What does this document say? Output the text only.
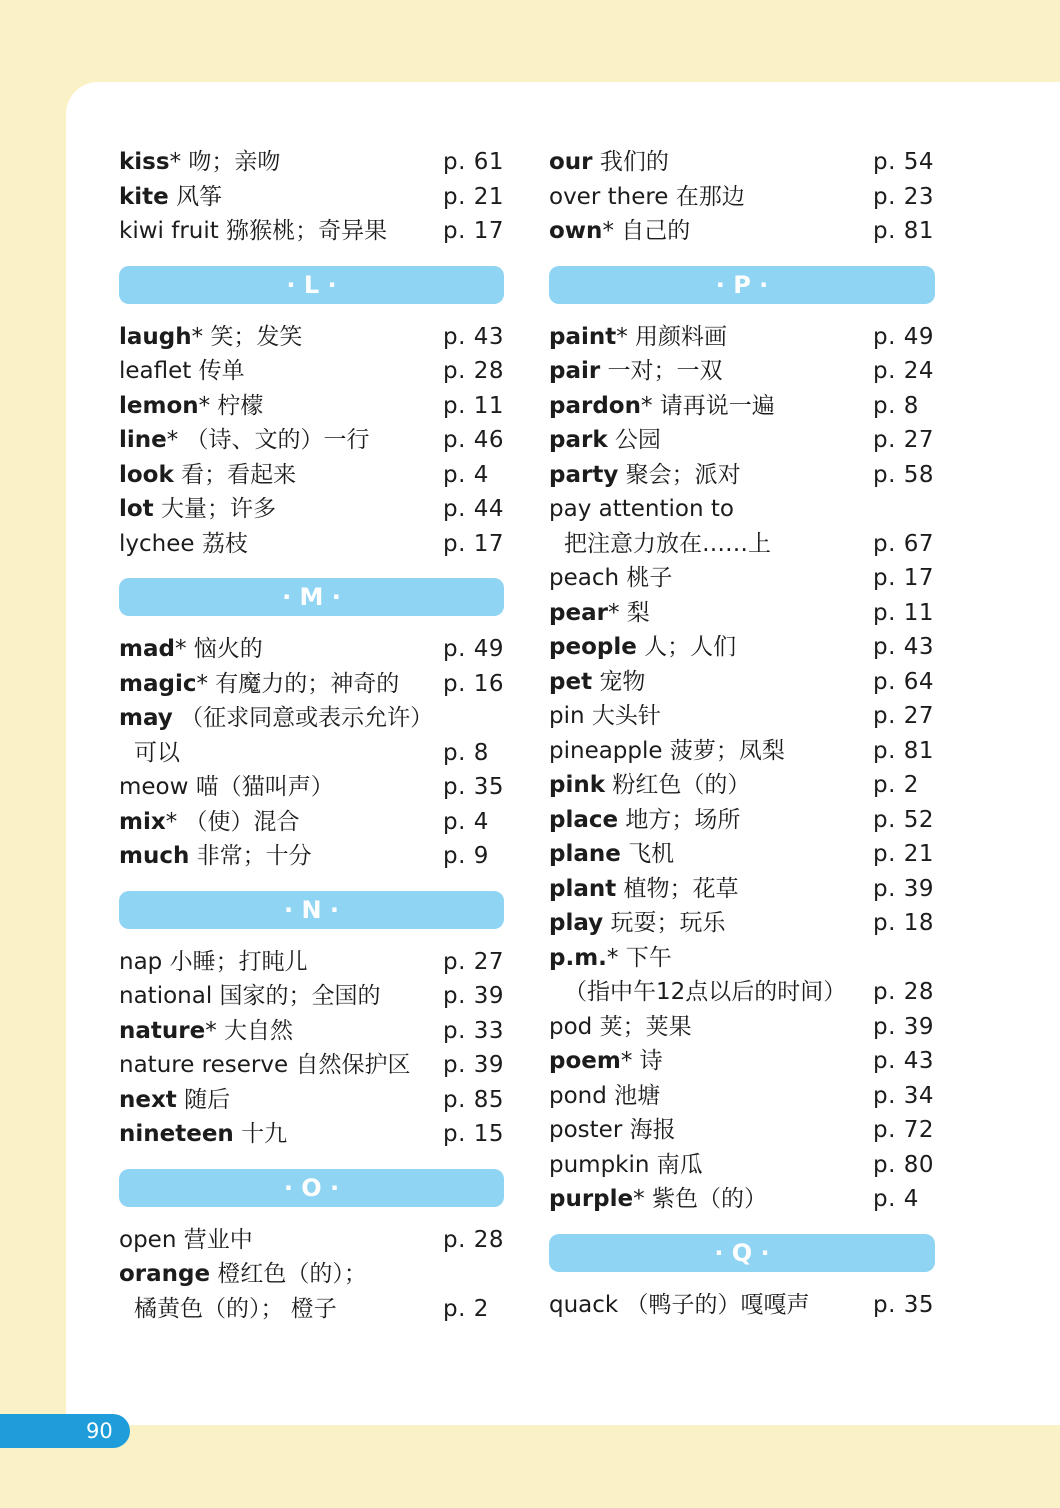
kiss* 吻；亲吻	p. 61
kite 风筝	p. 21
kiwi fruit 猕猴桃；奇异果 p. 17
· L ·
laugh* 笑；发笑	p. 43
leaflet 传单	p. 28
lemon* 柠檬	p. 11
line* （诗、文的）一行	p. 46
look 看；看起来	p. 4
lot 大量；许多	p. 44
lychee 荔枝	p. 17
· M ·
mad* 恼火的	p. 49
magic* 有魔力的；神奇的 p. 16
may （征求同意或表示允许）
可以	p. 8
meow 喵（猫叫声）	p. 35
mix* （使）混合	p. 4
much 非常；十分	p. 9
· N ·
nap 小睡；打盹儿	p. 27
national 国家的；全国的	p. 39
nature* 大自然	p. 33
nature reserve 自然保护区 p. 39
next 随后	p. 85
nineteen 十九	p. 15
· O ·
open 营业中	p. 28
orange 橙红色（的）；
橘黄色（的）； 橙子	p. 2
our 我们的	p. 54
over there 在那边	p. 23
own* 自己的	p. 81
· P ·
paint* 用颜料画	p. 49
pair 一对；一双	p. 24
pardon* 请再说一遍	p. 8
park 公园	p. 27
party 聚会；派对	p. 58
pay attention to
把注意力放在……上	p. 67
peach 桃子	p. 17
pear* 梨	p. 11
people 人；人们	p. 43
pet 宠物	p. 64
pin 大头针	p. 27
pineapple 菠萝；凤梨	p. 81
pink 粉红色（的）	p. 2
place 地方；场所	p. 52
plane 飞机	p. 21
plant 植物；花草	p. 39
play 玩耍；玩乐	p. 18
p.m.* 下午
（指中午12点以后的时间） p. 28
pod 荚；荚果	p. 39
poem* 诗	p. 43
pond 池塘	p. 34
poster 海报	p. 72
pumpkin 南瓜	p. 80
purple* 紫色（的）	p. 4
· Q ·
quack （鸭子的）嘎嘎声	p. 35
90
